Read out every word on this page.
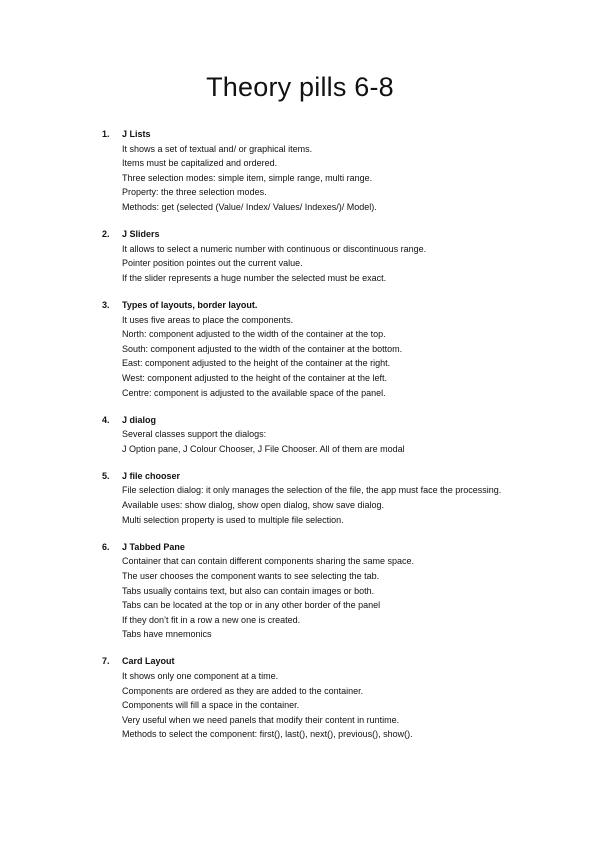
Theory pills 6-8
1. J Lists
It shows a set of textual and/ or graphical items.
Items must be capitalized and ordered.
Three selection modes: simple item, simple range, multi range.
Property: the three selection modes.
Methods: get (selected (Value/ Index/ Values/ Indexes/)/ Model).
2. J Sliders
It allows to select a numeric number with continuous or discontinuous range.
Pointer position pointes out the current value.
If the slider represents a huge number the selected must be exact.
3. Types of layouts, border layout.
It uses five areas to place the components.
North: component adjusted to the width of the container at the top.
South: component adjusted to the width of the container at the bottom.
East: component adjusted to the height of the container at the right.
West: component adjusted to the height of the container at the left.
Centre: component is adjusted to the available space of the panel.
4. J dialog
Several classes support the dialogs:
J Option pane, J Colour Chooser, J File Chooser. All of them are modal
5. J file chooser
File selection dialog: it only manages the selection of the file, the app must face the processing.
Available uses: show dialog, show open dialog, show save dialog.
Multi selection property is used to multiple file selection.
6. J Tabbed Pane
Container that can contain different components sharing the same space.
The user chooses the component wants to see selecting the tab.
Tabs usually contains text, but also can contain images or both.
Tabs can be located at the top or in any other border of the panel
If they don’t fit in a row a new one is created.
Tabs have mnemonics
7. Card Layout
It shows only one component at a time.
Components are ordered as they are added to the container.
Components will fill a space in the container.
Very useful when we need panels that modify their content in runtime.
Methods to select the component: first(), last(), next(), previous(), show().
